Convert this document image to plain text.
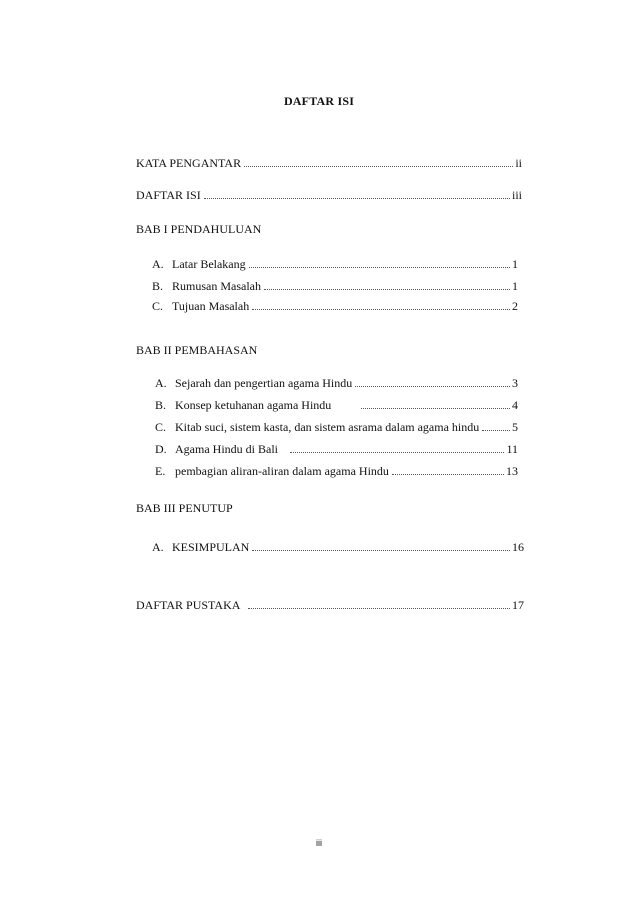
DAFTAR ISI
KATA PENGANTAR	ii
DAFTAR ISI	iii
BAB I PENDAHULUAN
A. Latar Belakang	1
B. Rumusan Masalah	1
C. Tujuan Masalah	2
BAB II PEMBAHASAN
A. Sejarah dan pengertian agama Hindu	3
B. Konsep ketuhanan agama Hindu	4
C. Kitab suci, sistem kasta, dan sistem asrama dalam agama hindu	5
D. Agama Hindu di Bali	11
E. pembagian aliran-aliran dalam agama Hindu	13
BAB III PENUTUP
A. KESIMPULAN	16
DAFTAR PUSTAKA	17
iii
